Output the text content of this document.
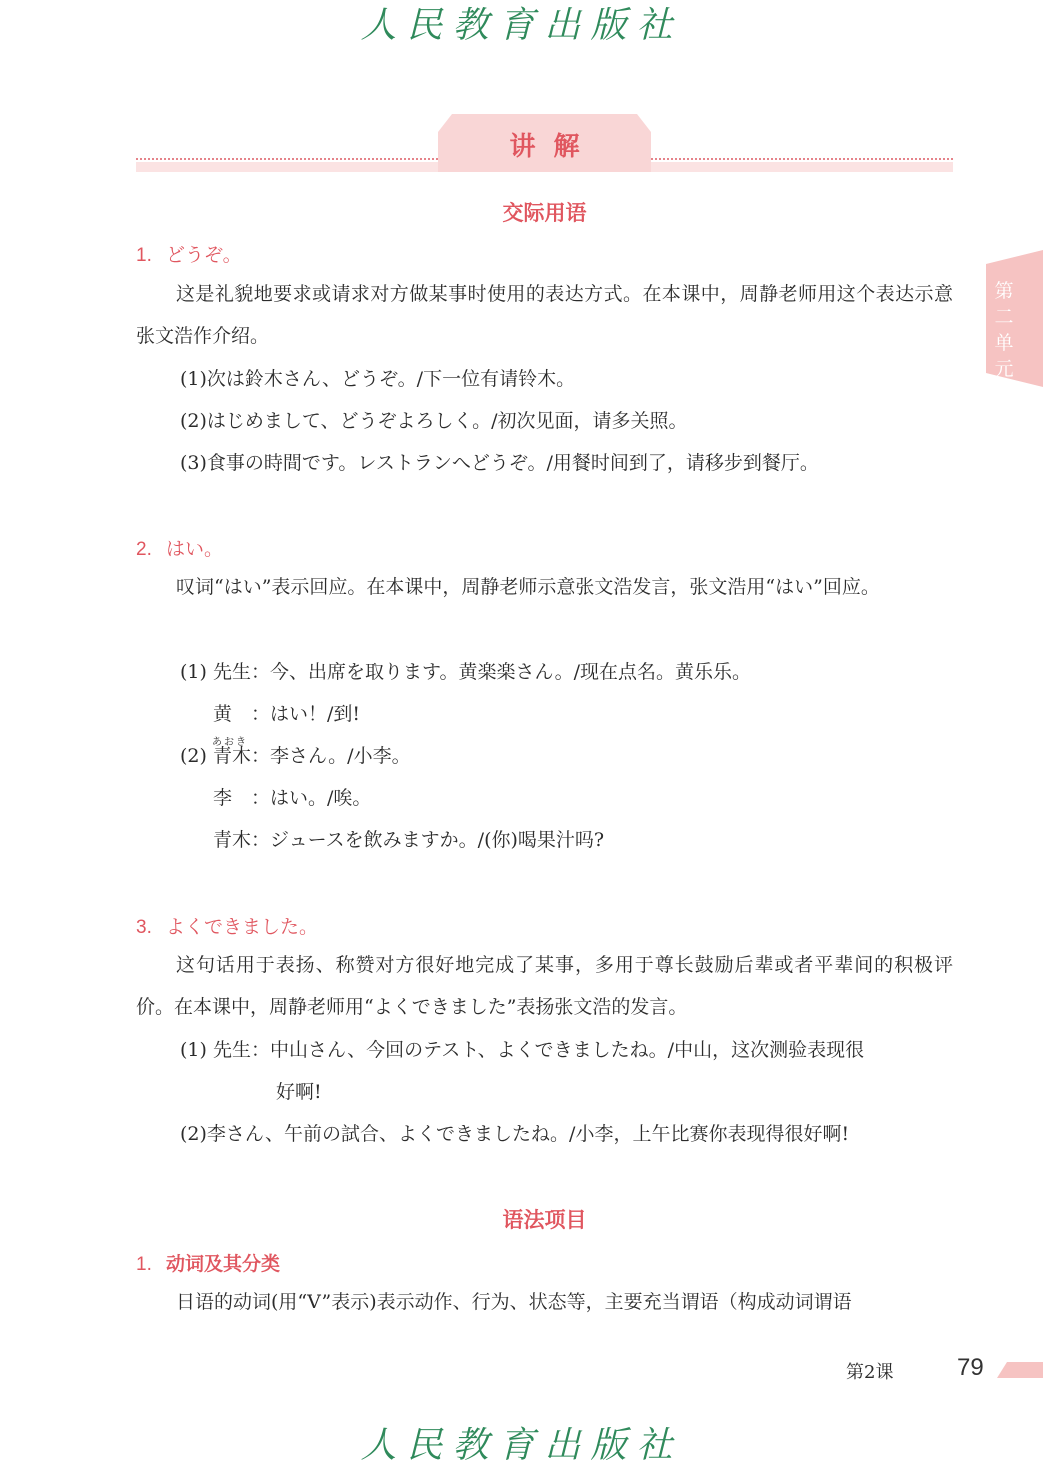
人民教育出版社
讲解
第二单元
交际用语
1. どうぞ。
这是礼貌地要求或请求对方做某事时使用的表达方式。在本课中，周静老师用这个表达示意张文浩作介绍。
(1)次は鈴木さん、どうぞ。/下一位有请铃木。
(2)はじめまして、どうぞよろしく。/初次见面，请多关照。
(3)食事の時間です。レストランへどうぞ。/用餐时间到了，请移步到餐厅。
2. はい。
叹词“はい”表示回应。在本课中，周静老师示意张文浩发言，张文浩用“はい”回应。
(1) 先生：今、出席を取ります。黄楽楽さん。/现在点名。黄乐乐。
黄　：はい！/到!
(2)
あおき
青木：李さん。/小李。
李　：はい。/唉。
青木：ジュースを飲みますか。/(你)喝果汁吗?
3. よくできました。
这句话用于表扬、称赞对方很好地完成了某事，多用于尊长鼓励后辈或者平辈间的积极评价。在本课中，周静老师用“よくできました”表扬张文浩的发言。
(1) 先生：中山さん、今回のテスト、よくできましたね。/中山，这次测验表现很
好啊!
(2)李さん、午前の試合、よくできましたね。/小李，上午比赛你表现得很好啊!
语法项目
1. 动词及其分类
日语的动词(用“V”表示)表示动作、行为、状态等，主要充当谓语（构成动词谓语
第2课	79
人民教育出版社
